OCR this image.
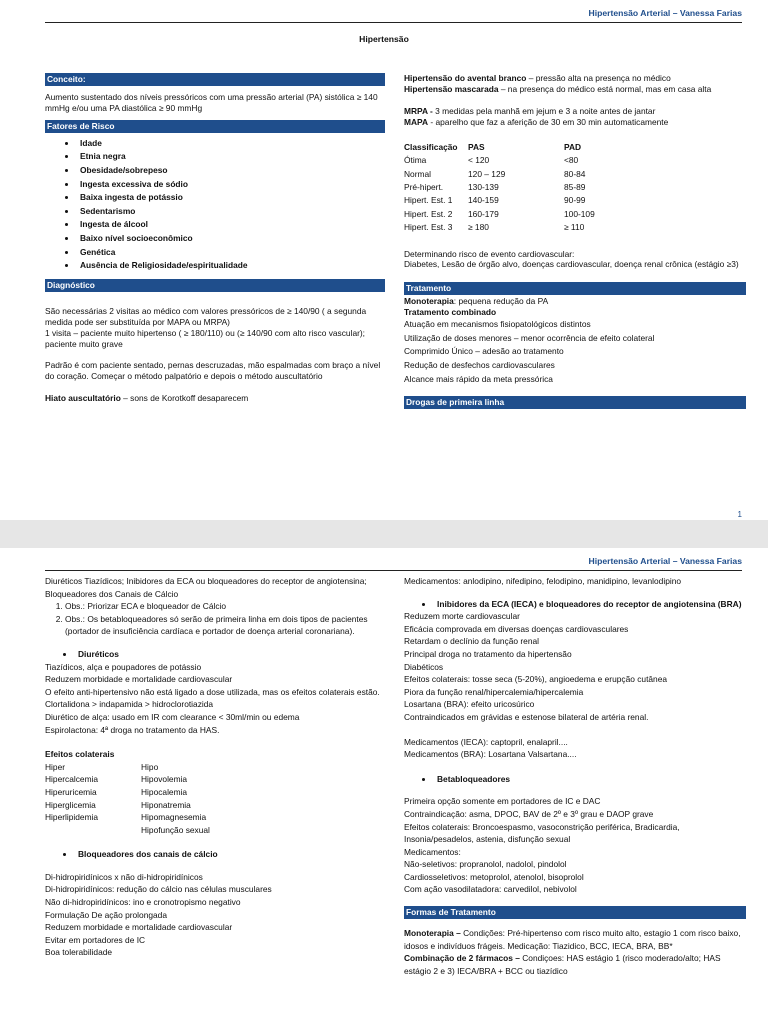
Hipertensão Arterial – Vanessa Farias
Hipertensão
Conceito:

Aumento sustentado dos níveis pressóricos com uma pressão arterial (PA) sistólica ≥ 140 mmHg e/ou uma PA diastólica ≥ 90 mmHg

Fatores de Risco
• Idade
• Etnia negra
• Obesidade/sobrepeso
• Ingesta excessiva de sódio
• Baixa ingesta de potássio
• Sedentarismo
• Ingesta de álcool
• Baixo nível socioeconômico
• Genética
• Ausência de Religiosidade/espiritualidade
Diagnóstico

São necessárias 2 visitas ao médico com valores pressóricos de ≥ 140/90 ( a segunda medida pode ser substituída por MAPA ou MRPA)

1 visita – paciente muito hipertenso ( ≥ 180/110) ou (≥ 140/90 com alto risco vascular); paciente muito grave

Padrão é com paciente sentado, pernas descruzadas, mão espalmadas com braço a nível do coração. Começar o método palpatório e depois o método auscultatório

Hiato auscultatório – sons de Korotkoff desaparecem

Hipertensão do avental branco – pressão alta na presença no médico

Hipertensão mascarada – na presença do médico está normal, mas em casa alta

MRPA - 3 medidas pela manhã em jejum e 3 a noite antes de jantar

MAPA - aparelho que faz a aferição de 30 em 30 min automaticamente

Classificação	PAS	PAD
Ótima	< 120	<80
Normal	120 – 129	80-84
Pré-hipert.	130-139	85-89
Hipert. Est. 1	140-159	90-99
Hipert. Est. 2	160-179	100-109
Hipert. Est. 3	≥ 180	≥ 110

Determinando risco de evento cardiovascular:

Diabetes, Lesão de órgão alvo, doenças cardiovascular, doença renal crônica (estágio ≥3)

Tratamento

Monoterapia: pequena redução da PA

Tratamento combinado

Atuação em mecanismos fisiopatológicos distintos

Utilização de doses menores – menor ocorrência de efeito colateral

Comprimido Único – adesão ao tratamento

Redução de desfechos cardiovasculares

Alcance mais rápido da meta pressórica

Drogas de primeira linha
1
Hipertensão Arterial – Vanessa Farias

Diuréticos Tiazídicos; Inibidores da ECA ou bloqueadores do receptor de angiotensina;

Bloqueadores dos Canais de Cálcio

1. Obs.: Priorizar ECA e bloqueador de Cálcio
2. Obs.: Os betabloqueadores só serão de primeira linha em dois tipos de pacientes (portador de insuficiência cardíaca e portador de doença arterial coronariana).
• Diuréticos

Tiazídicos, alça e poupadores de potássio

Reduzem morbidade e mortalidade cardiovascular

O efeito anti-hipertensivo não está ligado a dose utilizada, mas os efeitos colaterais estão.

Clortalidona > indapamida > hidroclorotiazida

Diurético de alça: usado em IR com clearance < 30ml/min ou edema

Espirolactona: 4ª droga no tratamento da HAS.

Efeitos colaterais

Hiper	Hipo
Hipercalcemia	Hipovolemia
Hiperuricemia	Hipocalemia
Hiperglicemia	Hiponatremia
Hiperlipidemia	Hipomagnesemia
	Hipofunção sexual
• Bloqueadores dos canais de cálcio

Di-hidropiridínicos x não di-hidropiridínicos

Di-hidropiridínicos: redução do cálcio nas células musculares

Não di-hidropiridínicos: ino e cronotropismo negativo

Formulação De ação prolongada

Reduzem morbidade e mortalidade cardiovascular

Evitar em portadores de IC

Boa tolerabilidade

Medicamentos: anlodipino, nifedipino, felodipino, manidipino, levanlodipino

• Inibidores da ECA (IECA) e bloqueadores do receptor de angiotensina (BRA)

Reduzem morte cardiovascular

Eficácia comprovada em diversas doenças cardiovasculares

Retardam o declínio da função renal

Principal droga no tratamento da hipertensão

Diabéticos

Efeitos colaterais: tosse seca (5-20%), angioedema e erupção cutânea

Piora da função renal/hipercalemia/hipercalemia

Losartana (BRA): efeito uricosúrico

Contraindicados em grávidas e estenose bilateral de artéria renal.

Medicamentos (IECA): captopril, enalapril....

Medicamentos (BRA): Losartana Valsartana....

• Betabloqueadores

Primeira opção somente em portadores de IC e DAC

Contraindicação: asma, DPOC, BAV de 2º e 3º grau e DAOP grave

Efeitos colaterais: Broncoespasmo, vasoconstrição periférica, Bradicardia, Insonia/pesadelos, astenia, disfunção sexual

Medicamentos:

Não-seletivos: propranolol, nadolol, pindolol

Cardiosseletivos: metoprolol, atenolol, bisoprolol

Com ação vasodilatadora: carvedilol, nebivolol

Formas de Tratamento

Monoterapia – Condições: Pré-hipertenso com risco muito alto, estagio 1 com risco baixo, idosos e indivíduos frágeis. Medicação: Tiazidico, BCC, IECA, BRA, BB*

Combinação de 2 fármacos – Condiçoes: HAS estágio 1 (risco moderado/alto; HAS estágio 2 e 3) IECA/BRA + BCC ou tiazídico
